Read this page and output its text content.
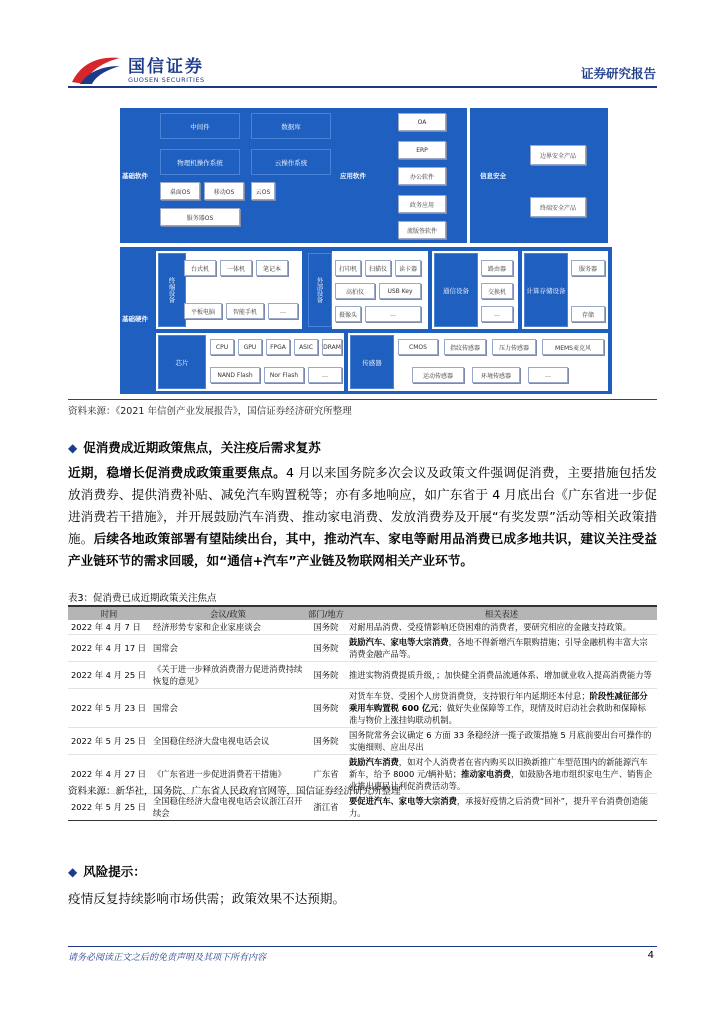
国信证券
GUOSEN SECURITIES	证券研究报告
基础软件
中间件	数据库
物理机操作系统	云操作系统
桌面OS	移动OS	云OS
服务器OS
应用软件
OA
ERP
办公软件
政务应用
流版签软件
信息安全
边界安全产品
终端安全产品
基础硬件
终端设备
台式机	一体机	笔记本
平板电脑	智能手机	…
外部设备
打印机	扫描仪	读卡器
高拍仪	USB Key
摄像头	…
通信设备
路由器
交换机
…
计算存储设备
服务器
存储
芯片
CPU	GPU	FPGA	ASIC	DRAM
NAND Flash	Nor Flash	…
传感器
CMOS	指纹传感器	压力传感器	MEMS麦克风
运动传感器	环境传感器	…
资料来源：《2021 年信创产业发展报告》，国信证券经济研究所整理
◆ 促消费成近期政策焦点，关注疫后需求复苏
近期，稳增长促消费成政策重要焦点。4 月以来国务院多次会议及政策文件强调促消费，主要措施包括发放消费券、提供消费补贴、减免汽车购置税等；亦有多地响应，如广东省于 4 月底出台《广东省进一步促进消费若干措施》，并开展鼓励汽车消费、推动家电消费、发放消费券及开展“有奖发票”活动等相关政策措施。后续各地政策部署有望陆续出台，其中，推动汽车、家电等耐用品消费已成多地共识，建议关注受益产业链环节的需求回暖，如“通信+汽车”产业链及物联网相关产业环节。
表3：促消费已成近期政策关注焦点
时间	会议/政策	部门/地方	相关表述
2022 年 4 月 7 日	经济形势专家和企业家座谈会	国务院	对耐用品消费、受疫情影响还贷困难的消费者，要研究相应的金融支持政策。
2022 年 4 月 17 日	国常会	国务院	鼓励汽车、家电等大宗消费，各地不得新增汽车限购措施；引导金融机构丰富大宗消费金融产品等。
2022 年 4 月 25 日	《关于进一步释放消费潜力促进消费持续恢复的意见》	国务院	推进实物消费提质升级，；加快健全消费品流通体系、增加就业收入提高消费能力等
2022 年 5 月 23 日	国常会	国务院	对货车车贷、受困个人房贷消费贷，支持银行年内延期还本付息；阶段性减征部分乘用车购置税 600 亿元；做好失业保障等工作，现情及时启动社会救助和保障标准与物价上涨挂钩联动机制。
2022 年 5 月 25 日	全国稳住经济大盘电视电话会议	国务院	国务院常务会议确定 6 方面 33 条稳经济一揽子政策措施 5 月底前要出台可操作的实施细则、应出尽出
2022 年 4 月 27 日	《广东省进一步促进消费若干措施》	广东省	鼓励汽车消费，如对个人消费者在省内购买以旧换新推广车型范围内的新能源汽车新车，给予 8000 元/辆补贴；推动家电消费，如鼓励各地市组织家电生产、销售企业推出惠民让利促消费活动等。
2022 年 5 月 25 日	全国稳住经济大盘电视电话会议浙江召开续会	浙江省	要促进汽车、家电等大宗消费，承接好疫情之后消费“回补”，提升平台消费创造能力。
资料来源：新华社，国务院、广东省人民政府官网等，国信证券经济研究所整理
◆ 风险提示：
疫情反复持续影响市场供需；政策效果不达预期。
请务必阅读正文之后的免责声明及其项下所有内容	4
